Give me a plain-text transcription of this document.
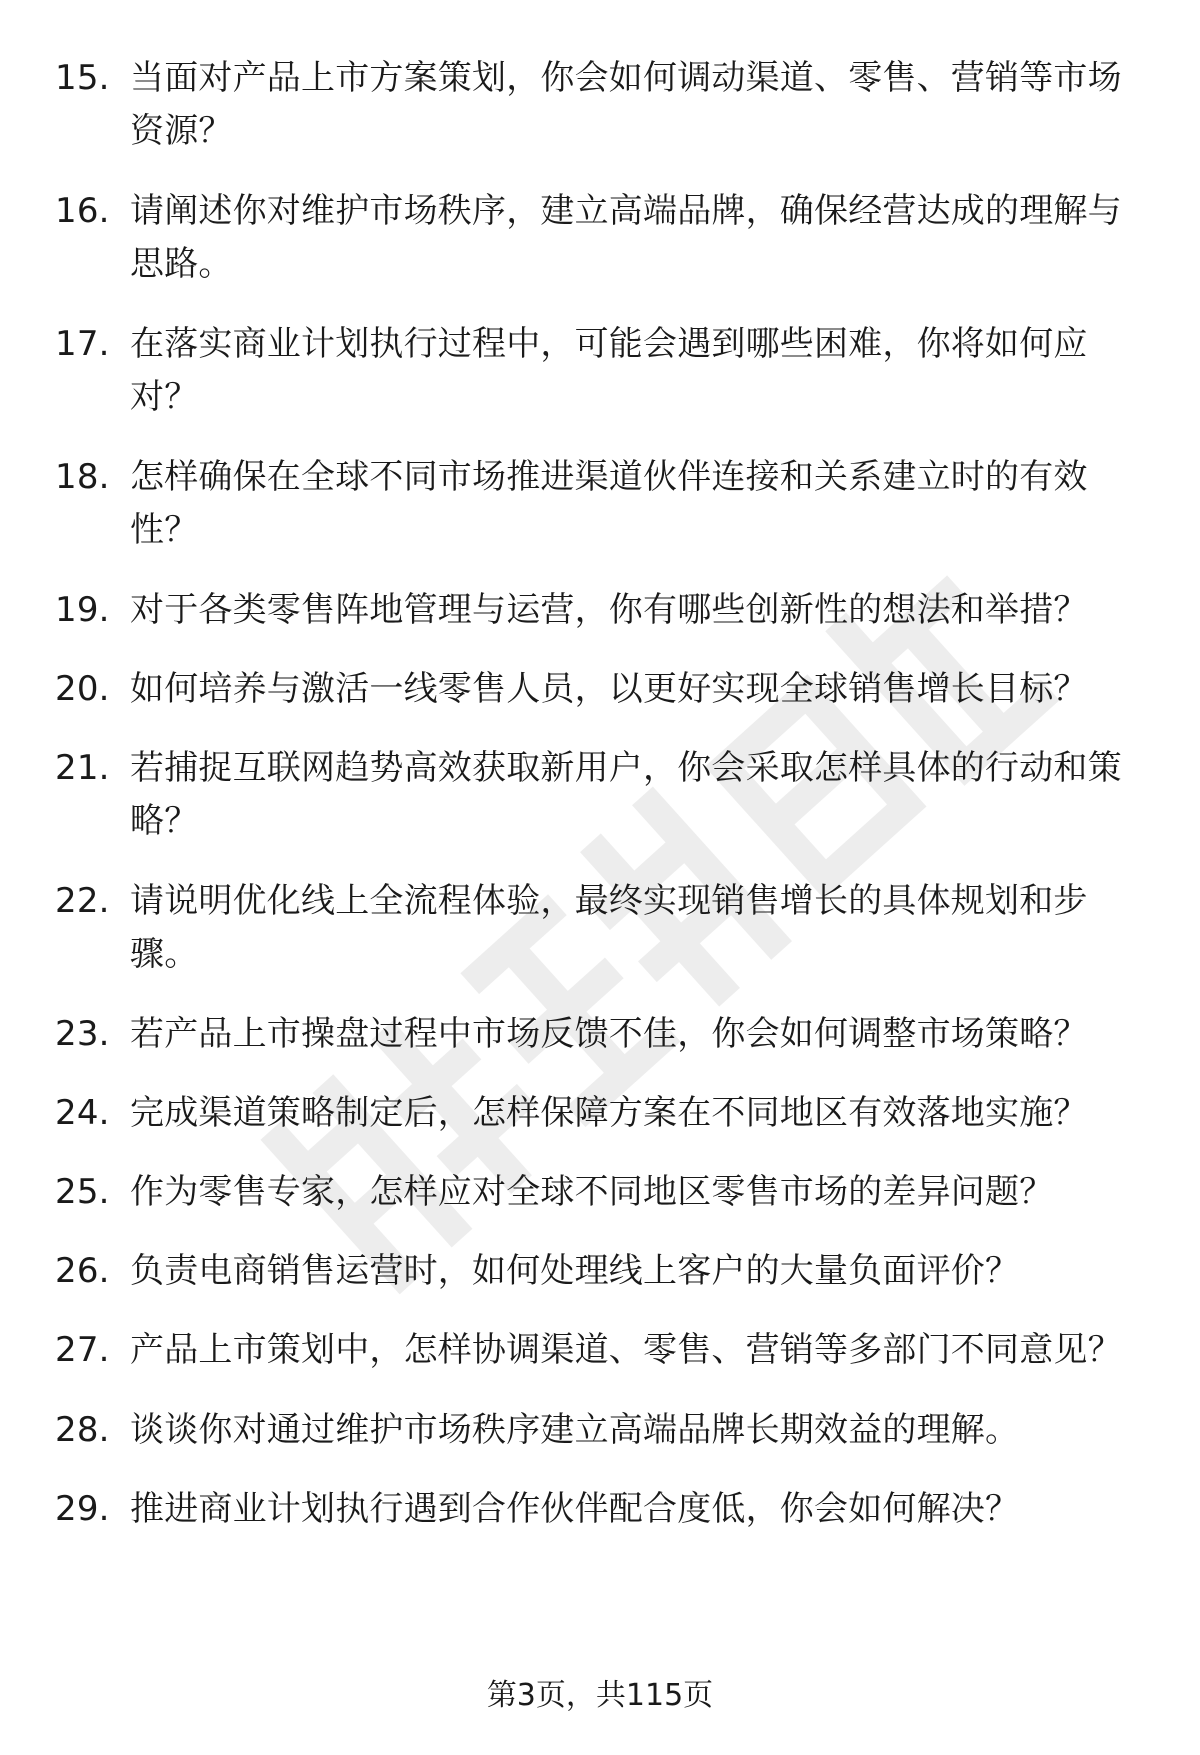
15. 当面对产品上市方案策划，你会如何调动渠道、零售、营销等市场资源？
16. 请阐述你对维护市场秩序，建立高端品牌，确保经营达成的理解与思路。
17. 在落实商业计划执行过程中，可能会遇到哪些困难，你将如何应对？
18. 怎样确保在全球不同市场推进渠道伙伴连接和关系建立时的有效性？
19. 对于各类零售阵地管理与运营，你有哪些创新性的想法和举措？
20. 如何培养与激活一线零售人员，以更好实现全球销售增长目标？
21. 若捕捉互联网趋势高效获取新用户，你会采取怎样具体的行动和策略？
22. 请说明优化线上全流程体验，最终实现销售增长的具体规划和步骤。
23. 若产品上市操盘过程中市场反馈不佳，你会如何调整市场策略？
24. 完成渠道策略制定后，怎样保障方案在不同地区有效落地实施？
25. 作为零售专家，怎样应对全球不同地区零售市场的差异问题？
26. 负责电商销售运营时，如何处理线上客户的大量负面评价？
27. 产品上市策划中，怎样协调渠道、零售、营销等多部门不同意见？
28. 谈谈你对通过维护市场秩序建立高端品牌长期效益的理解。
29. 推进商业计划执行遇到合作伙伴配合度低，你会如何解决？
第3页，共115页
